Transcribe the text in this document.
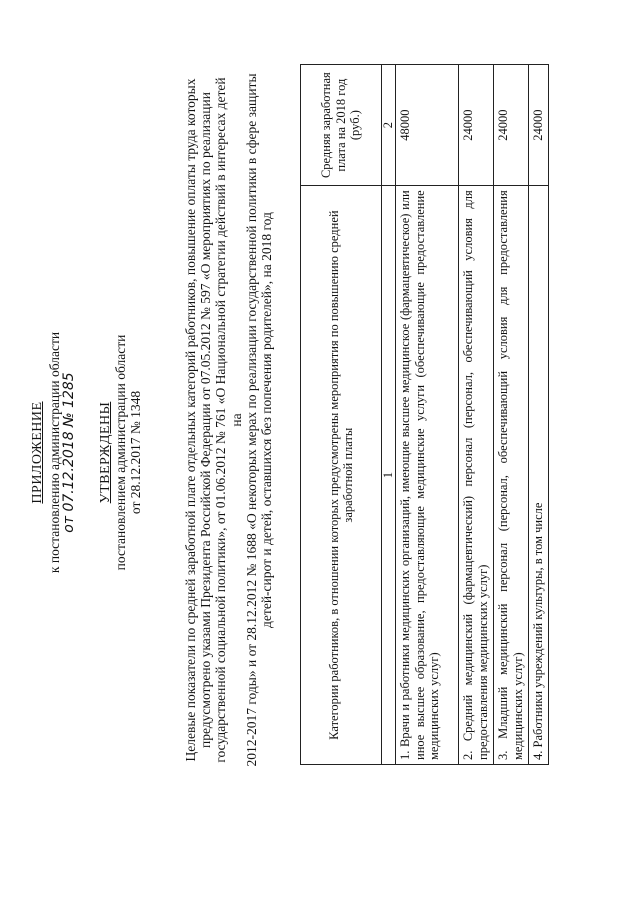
ПРИЛОЖЕНИЕ к постановлению администрации области от 07.12.2018 № 1285 УТВЕРЖДЕНЫ постановлением администрации области от 28.12.2017 № 1348	Целевые показатели по средней заработной плате отдельных категорий работников, повышение оплаты труда которых предусмотрено указами Президента Российской Федерации от 07.05.2012 № 597 «О мероприятиях по реализации государственной социальной политики», от 01.06.2012 № 761 «О Национальной стратегии действий в интересах детей на 2012-2017 годы» и от 28.12.2012 № 1688 «О некоторых мерах по реализации государственной политики в сфере защиты детей-сирот и детей, оставшихся без попечения родителей», на 2018 год	Категории работников, в отношении которых предусмотрены мероприятия по повышению средней заработной платы	Средняя заработная плата на 2018 год (руб.)
1	2
1. Врачи и работники медицинских организаций, имеющие высшее медицинское (фармацевтическое) или иное высшее образование, предоставляющие медицинские услуги (обеспечивающие предоставление медицинских услуг)	48000
2. Средний медицинский (фармацевтический) персонал (персонал, обеспечивающий условия для предоставления медицинских услуг)	24000
3. Младший медицинский персонал (персонал, обеспечивающий условия для предоставления медицинских услуг)	24000
4. Работники учреждений культуры, в том числе	24000
